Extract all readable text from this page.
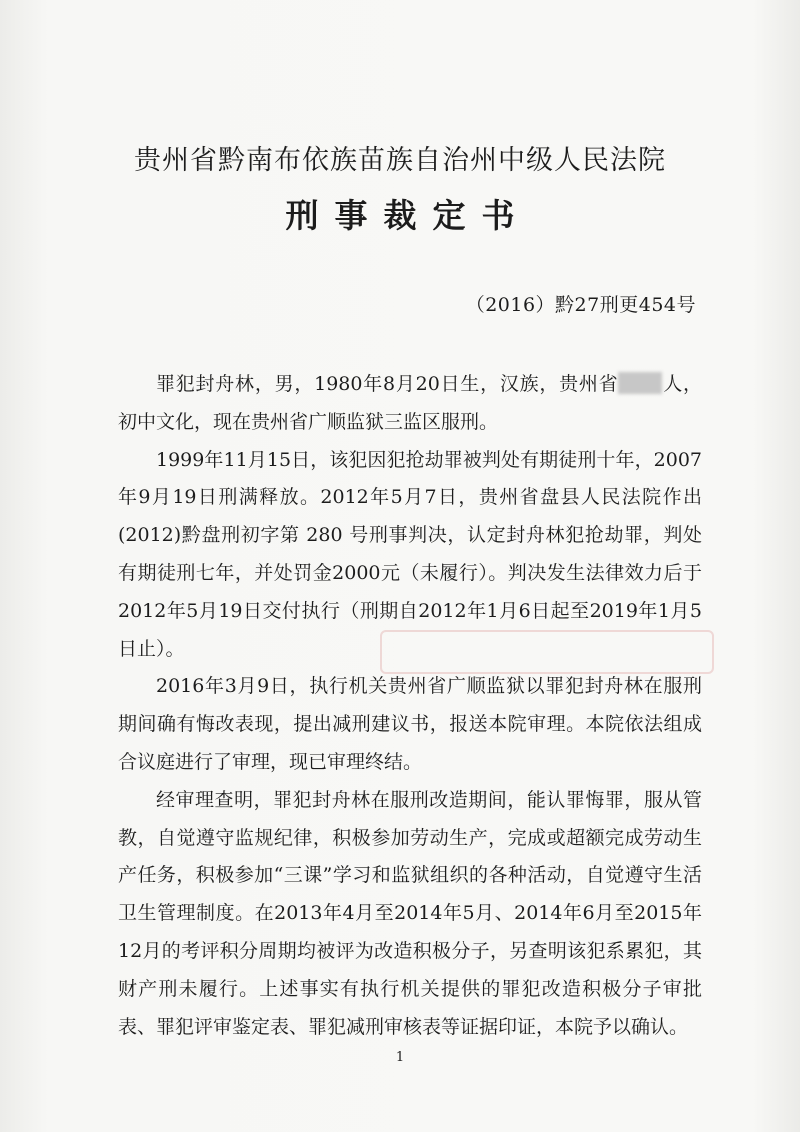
贵州省黔南布依族苗族自治州中级人民法院
刑事裁定书
（2016）黔27刑更454号

罪犯封舟林，男，1980年8月20日生，汉族，贵州省 人，初中文化，现在贵州省广顺监狱三监区服刑。

1999年11月15日，该犯因犯抢劫罪被判处有期徒刑十年，2007年9月19日刑满释放。2012年5月7日，贵州省盘县人民法院作出(2012)黔盘刑初字第 280 号刑事判决，认定封舟林犯抢劫罪，判处有期徒刑七年，并处罚金2000元（未履行）。判决发生法律效力后于2012年5月19日交付执行（刑期自2012年1月6日起至2019年1月5日止）。

2016年3月9日，执行机关贵州省广顺监狱以罪犯封舟林在服刑期间确有悔改表现，提出减刑建议书，报送本院审理。本院依法组成合议庭进行了审理，现已审理终结。

经审理查明，罪犯封舟林在服刑改造期间，能认罪悔罪，服从管教，自觉遵守监规纪律，积极参加劳动生产，完成或超额完成劳动生产任务，积极参加“三课”学习和监狱组织的各种活动，自觉遵守生活卫生管理制度。在2013年4月至2014年5月、2014年6月至2015年12月的考评积分周期均被评为改造积极分子，另查明该犯系累犯，其财产刑未履行。上述事实有执行机关提供的罪犯改造积极分子审批表、罪犯评审鉴定表、罪犯减刑审核表等证据印证，本院予以确认。

1
